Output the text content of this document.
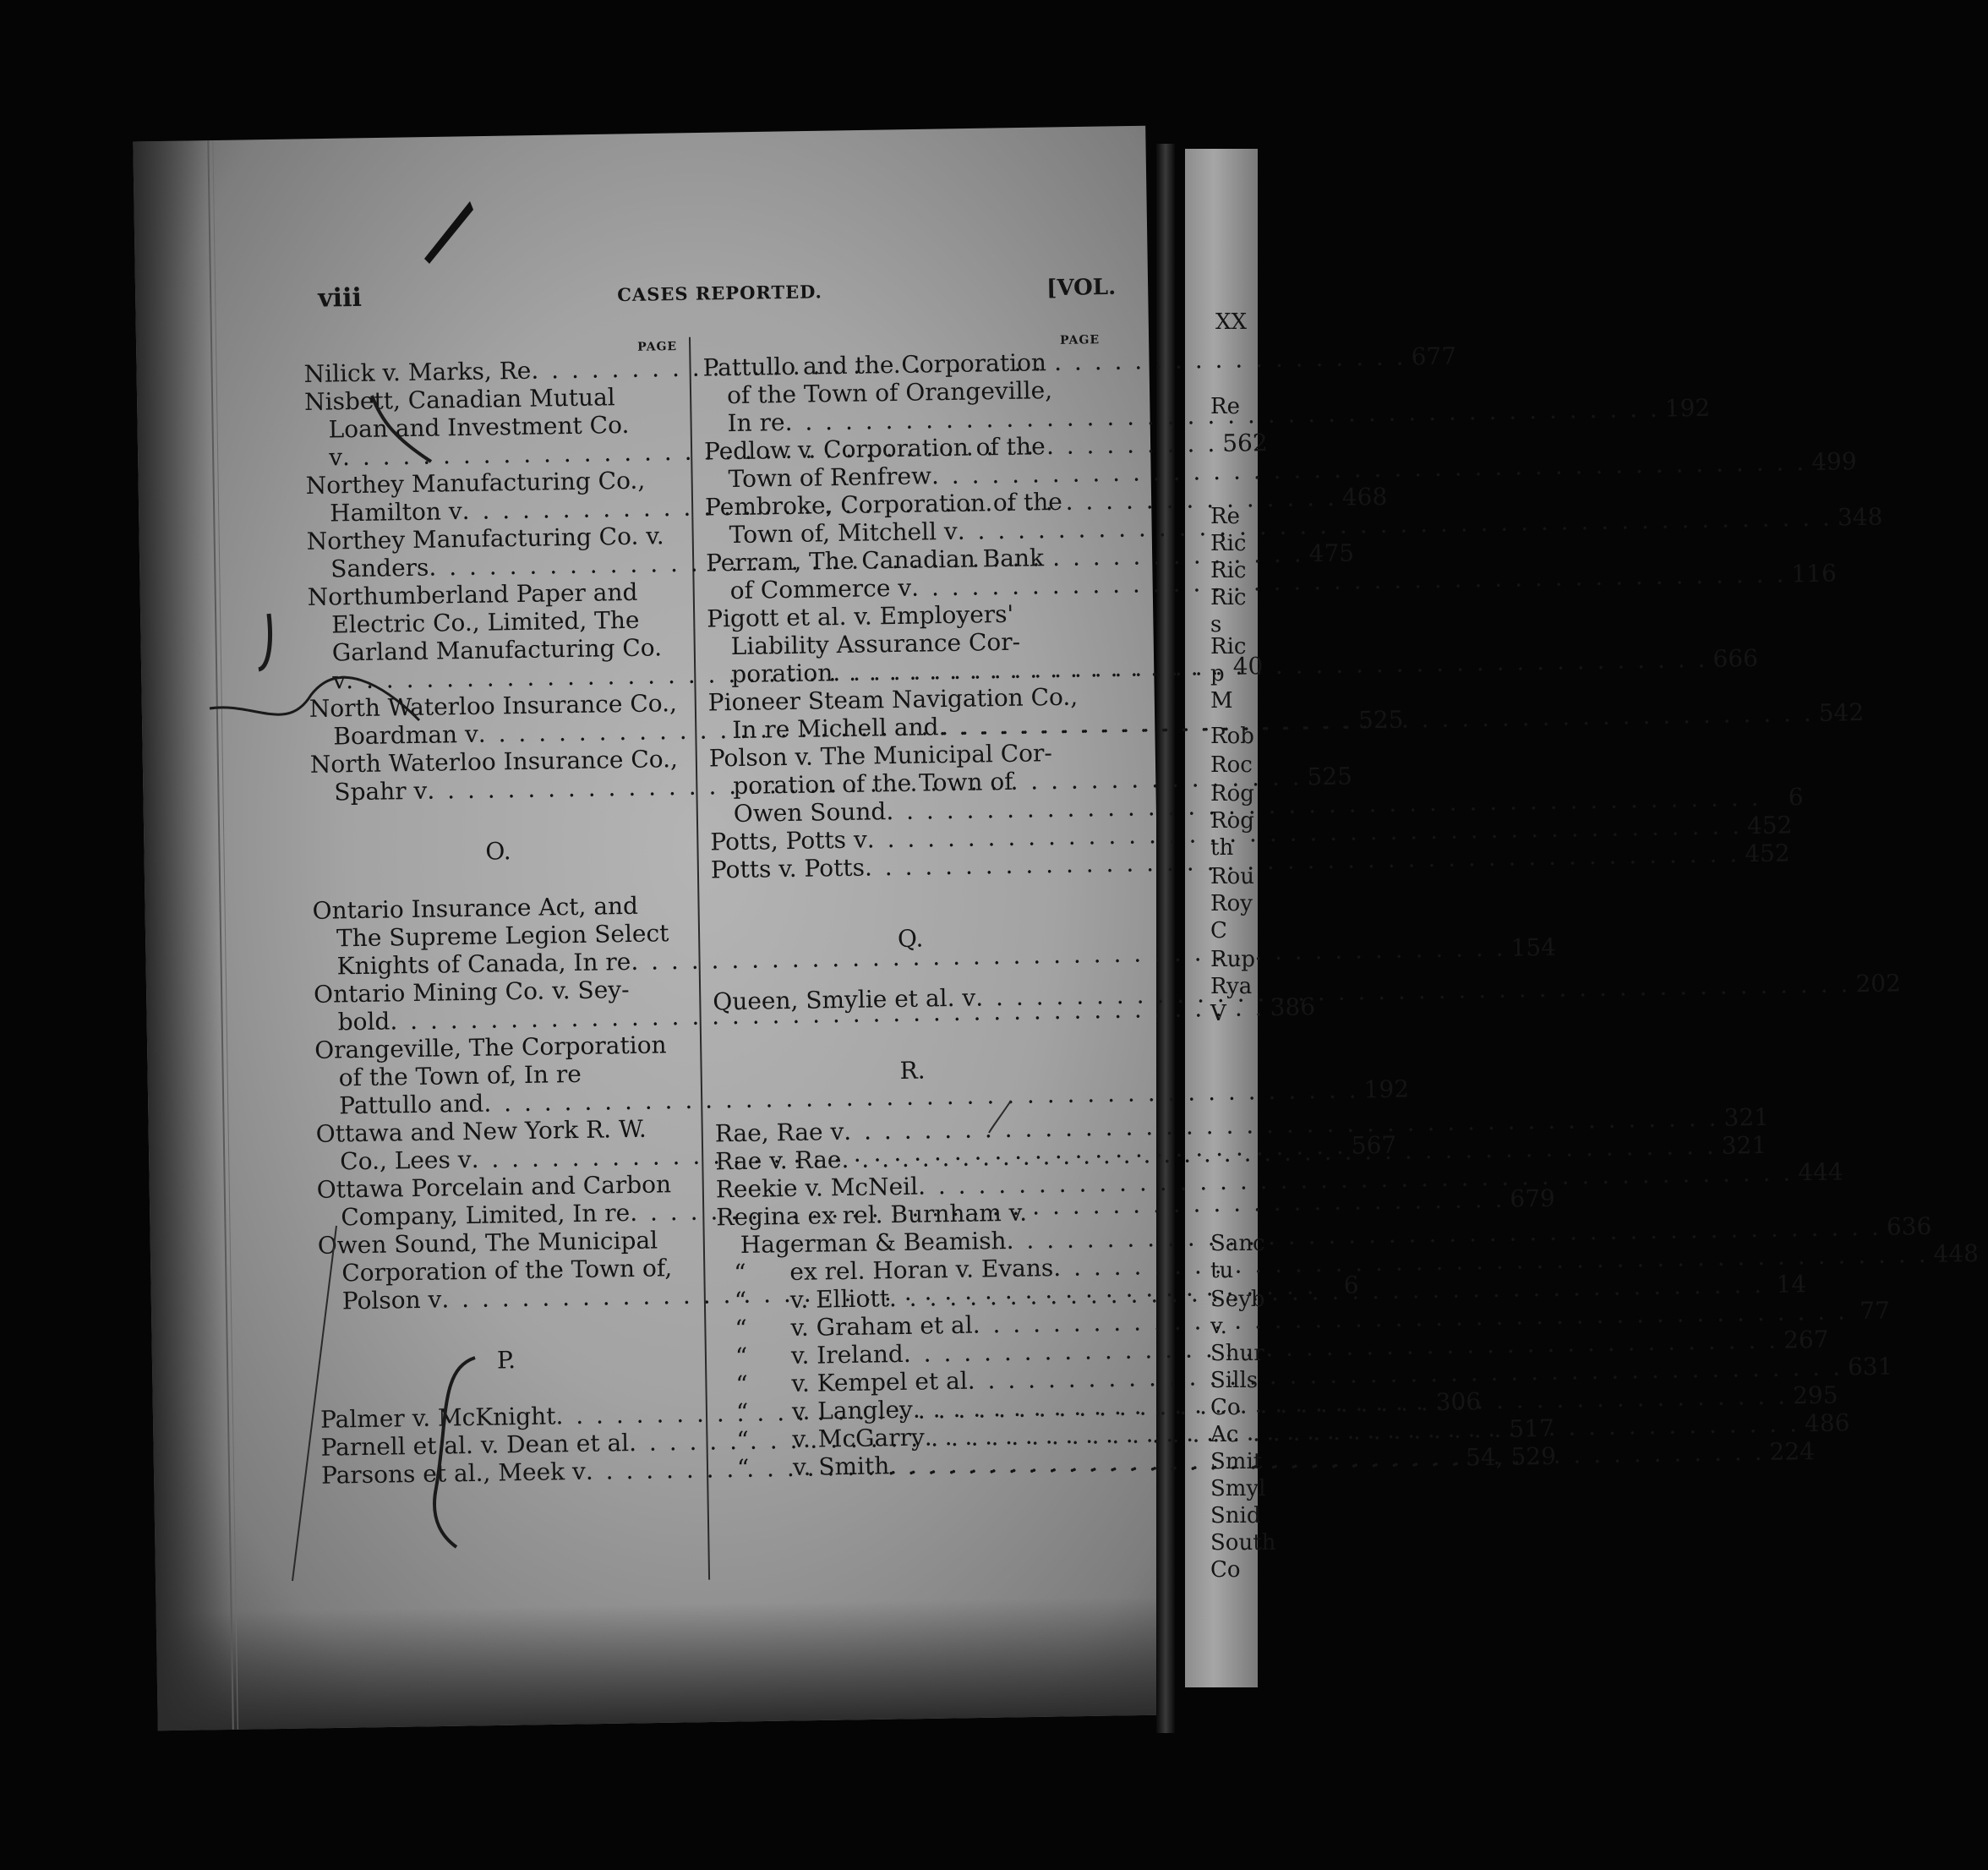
XX
Re
Re
Ric
Ric
Ric
s
Ric
p
M
Rob
Roc
Rog
Rog
th
Rou
Roy
C
Rup
Rya
V
Sanc
tu
Seyb
v.
Shur
Sills
Co
Ac
Smit
Smyl
Snid
South
Co
viii	CASES REPORTED.	[VOL.
PAGE
Nilick v. Marks, Re
. . .
677
Nisbett, Canadian Mutual
Loan and Investment Co.
v
. . .	562
Northey Manufacturing Co.,
Hamilton v
. . .
468
Northey Manufacturing Co. v.
Sanders
. . .
475
Northumberland Paper and
Electric Co., Limited, The
Garland Manufacturing Co.
v
. . .
40
North Waterloo Insurance Co.,
Boardman v
. . .
525
North Waterloo Insurance Co.,
Spahr v
. . .
525
O.
Ontario Insurance Act, and
The Supreme Legion Select
Knights of Canada, In re
. . .
154
Ontario Mining Co. v. Sey-
bold
. . .
386
Orangeville, The Corporation
of the Town of, In re
Pattullo and
. . .
192
Ottawa and New York R. W.
Co., Lees v
. . .
567
Ottawa Porcelain and Carbon
Company, Limited, In re
. . .
679
Owen Sound, The Municipal
Corporation of the Town of,
Polson v
. . .
6
P.
Palmer v. McKnight
. . .
306
Parnell et al. v. Dean et al
. . .
517
Parsons et al., Meek v
. . .
54, 529
PAGE
Pattullo and the Corporation
of the Town of Orangeville,
In re
. . .
192
Pedlow v. Corporation of the
Town of Renfrew
. . .
499
Pembroke, Corporation of the
Town of, Mitchell v
. . .
348
Perram, The Canadian Bank
of Commerce v
. . .
116
Pigott et al. v. Employers'
Liability Assurance Cor-
poration
. . .
666
Pioneer Steam Navigation Co.,
In re Michell and
. . .
542
Polson v. The Municipal Cor-
poration of the Town of
Owen Sound
. . .
6
Potts, Potts v
. . .
452
Potts v. Potts
. . .
452
Q.
Queen, Smylie et al. v
. . .
202
R.
Rae, Rae v
. . .
321
Rae v. Rae
. . .
321
Reekie v. McNeil
. . .
444
Regina ex rel. Burnham v.
Hagerman & Beamish
. . .
636
“	ex rel. Horan v. Evans
. . .
448
“	v. Elliott
. . .
14
“	v. Graham et al
. . .
77
“	v. Ireland
. . .
267
“	v. Kempel et al
. . .
631
“	v. Langley
. . .
295
“	v. McGarry
. . .
486
“	v. Smith
. . .
224
